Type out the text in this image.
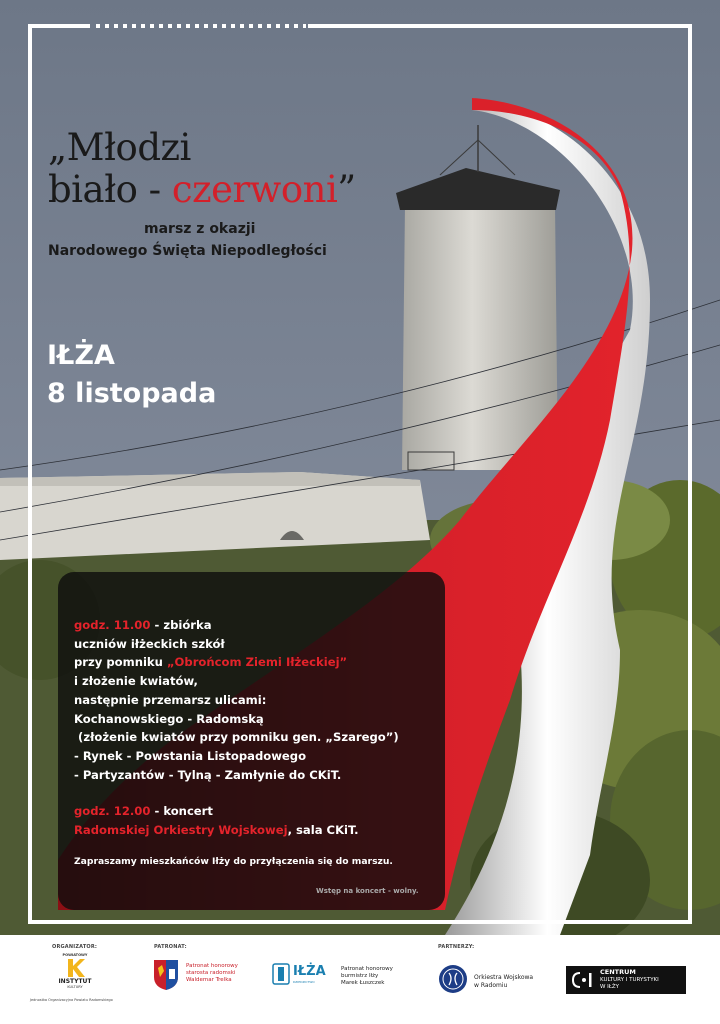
„Młodzi
biało - czerwoni”
marsz z okazji
Narodowego Święta Niepodległości
IŁŻA
8 listopada
godz. 11.00 - zbiórka
uczniów iłżeckich szkół
przy pomniku „Obrońcom Ziemi Iłżeckiej”
i złożenie kwiatów,
następnie przemarsz ulicami:
Kochanowskiego - Radomską
(złożenie kwiatów przy pomniku gen. „Szarego”)
- Rynek - Powstania Listopadowego
- Partyzantów - Tylną - Zamłynie do CKiT.
godz. 12.00 - koncert
Radomskiej Orkiestry Wojskowej, sala CKiT.
Zapraszamy mieszkańców Iłży do przyłączenia się do marszu.
Wstęp na koncert - wolny.
ORGANIZATOR:
POWIATOWY
INSTYTUT
KULTURY
Jednostka Organizacyjna Powiatu Radomskiego
PATRONAT:
Patronat honorowy
starosta radomski
Waldemar Trelka
IŁŻA
DZIEDZICTWO
Patronat honorowy
burmistrz Iłży
Marek Łuszczek
PARTNERZY:
Orkiestra Wojskowa
w Radomiu
CENTRUM
KULTURY I TURYSTYKI
W IŁŻY
